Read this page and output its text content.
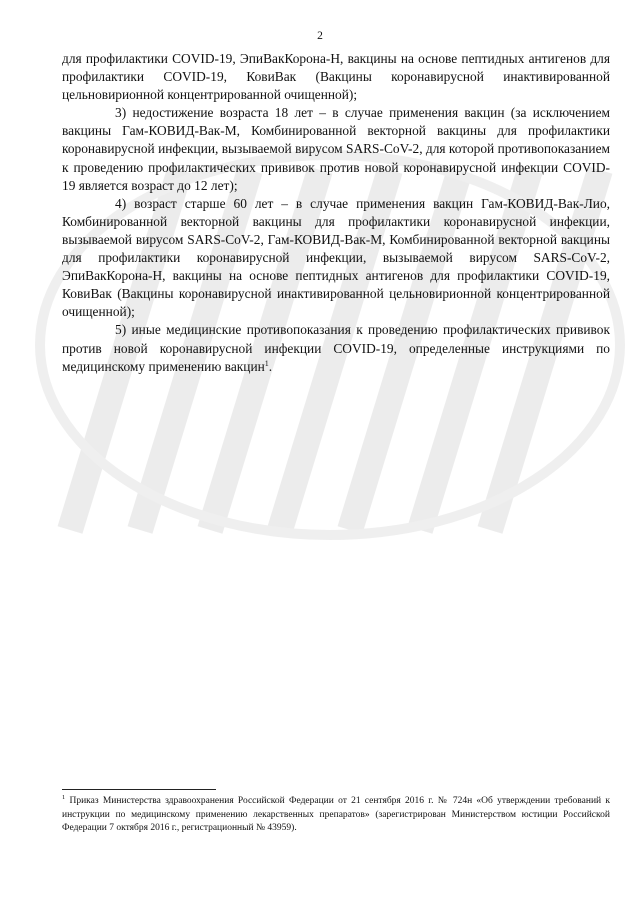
2

для профилактики COVID-19, ЭпиВакКорона-Н, вакцины на основе пептидных антигенов для профилактики COVID-19, КовиВак (Вакцины коронавирусной инактивированной цельновирионной концентрированной очищенной);

3) недостижение возраста 18 лет – в случае применения вакцин (за исключением вакцины Гам-КОВИД-Вак-М, Комбинированной векторной вакцины для профилактики коронавирусной инфекции, вызываемой вирусом SARS-CoV-2, для которой противопоказанием к проведению профилактических прививок против новой коронавирусной инфекции COVID-19 является возраст до 12 лет);

4) возраст старше 60 лет – в случае применения вакцин Гам-КОВИД-Вак-Лио, Комбинированной векторной вакцины для профилактики коронавирусной инфекции, вызываемой вирусом SARS-CoV-2, Гам-КОВИД-Вак-М, Комбинированной векторной вакцины для профилактики коронавирусной инфекции, вызываемой вирусом SARS-CoV-2, ЭпиВакКорона-Н, вакцины на основе пептидных антигенов для профилактики COVID-19, КовиВак (Вакцины коронавирусной инактивированной цельновирионной концентрированной очищенной);

5) иные медицинские противопоказания к проведению профилактических прививок против новой коронавирусной инфекции COVID-19, определенные инструкциями по медицинскому применению вакцин$^1$.

$^1$ Приказ Министерства здравоохранения Российской Федерации от 21 сентября 2016 г. № 724н «Об утверждении требований к инструкции по медицинскому применению лекарственных препаратов» (зарегистрирован Министерством юстиции Российской Федерации 7 октября 2016 г., регистрационный № 43959).
